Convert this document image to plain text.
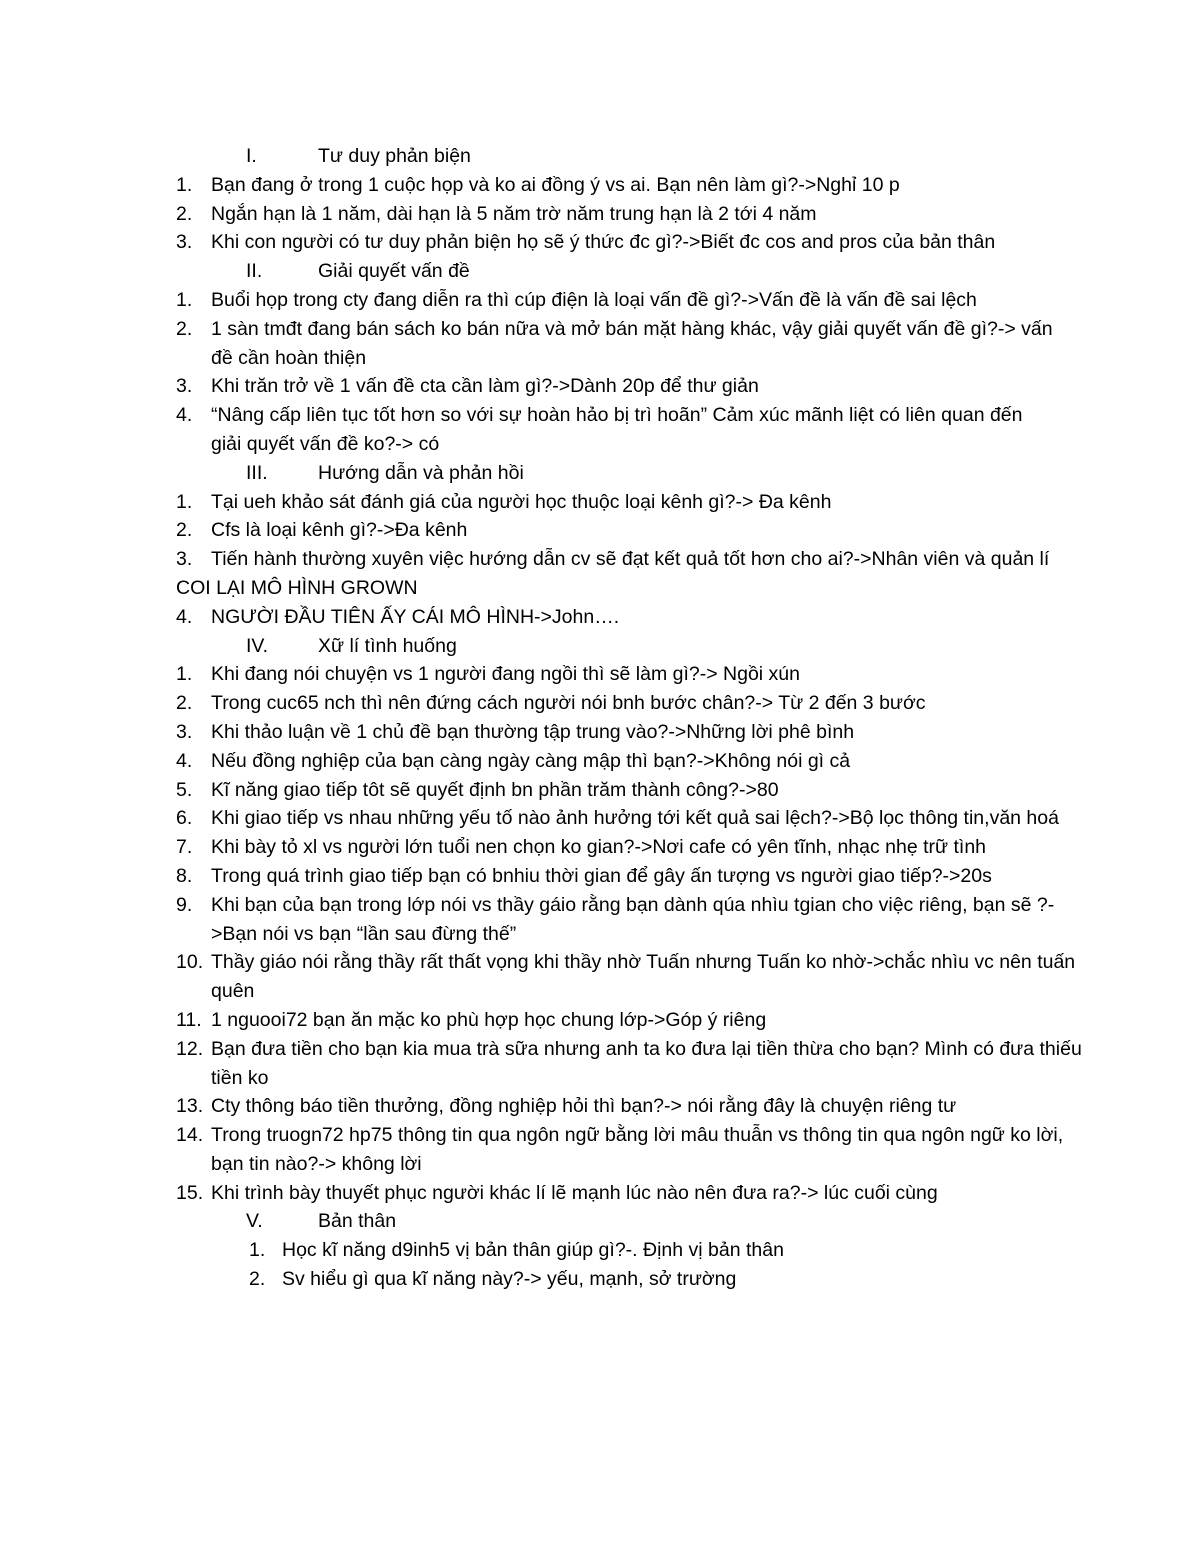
I.	Tư duy phản biện
1. Bạn đang ở trong 1 cuộc họp và ko ai đồng ý vs ai. Bạn nên làm gì?->Nghỉ 10 p
2. Ngắn hạn là 1 năm, dài hạn là 5 năm trờ năm trung hạn là 2 tới 4 năm
3. Khi con người có tư duy phản biện họ sẽ ý thức đc gì?->Biết đc cos and pros của bản thân
II.	Giải quyết vấn đề
1. Buổi họp trong cty đang diễn ra thì cúp điện là loại vấn đề gì?->Vấn đề là vấn đề sai lệch
2. 1 sàn tmđt đang bán sách ko bán nữa và mở bán mặt hàng khác, vậy giải quyết vấn đề gì?-> vấn đề cần hoàn thiện
3. Khi trăn trở về 1 vấn đề cta cần làm gì?->Dành 20p để thư giản
4. “Nâng cấp liên tục tốt hơn so với sự hoàn hảo bị trì hoãn” Cảm xúc mãnh liệt có liên quan đến giải quyết vấn đề ko?-> có
III.	Hướng dẫn và phản hồi
1. Tại ueh khảo sát đánh giá của người học thuộc loại kênh gì?-> Đa kênh
2. Cfs là loại kênh gì?->Đa kênh
3. Tiến hành thường xuyên việc hướng dẫn cv sẽ đạt kết quả tốt hơn cho ai?->Nhân viên và quản lí
COI LẠI MÔ HÌNH GROWN
4. NGƯỜI ĐẦU TIÊN ẤY CÁI MÔ HÌNH->John….
IV.	Xữ lí tình huống
1. Khi đang nói chuyện vs 1 người đang ngồi thì sẽ làm gì?-> Ngồi xún
2. Trong cuc65 nch thì nên đứng cách người nói bnh bước chân?-> Từ 2 đến 3 bước
3. Khi thảo luận về 1 chủ đề bạn thường tập trung vào?->Những lời phê bình
4. Nếu đồng nghiệp của bạn càng ngày càng mập thì bạn?->Không nói gì cả
5. Kĩ năng giao tiếp tôt sẽ quyết định bn phần trăm thành công?->80
6. Khi giao tiếp vs nhau những yếu tố nào ảnh hưởng tới kết quả sai lệch?->Bộ lọc thông tin,văn hoá
7. Khi bày tỏ xl vs người lớn tuổi nen chọn ko gian?->Nơi cafe có yên tĩnh, nhạc nhẹ trữ tình
8. Trong quá trình giao tiếp bạn có bnhiu thời gian để gây ấn tượng vs người giao tiếp?->20s
9. Khi bạn của bạn trong lớp nói vs thầy gáio rằng bạn dành qúa nhìu tgian cho việc riêng, bạn sẽ ?->Bạn nói vs bạn “lần sau đừng thế”
10. Thầy giáo nói rằng thầy rất thất vọng khi thầy nhờ Tuấn nhưng Tuấn ko nhờ->chắc nhìu vc nên tuấn quên
11. 1 nguooi72 bạn ăn mặc ko phù hợp học chung lớp->Góp ý riêng
12. Bạn đưa tiền cho bạn kia mua trà sữa nhưng anh ta ko đưa lại tiền thừa cho bạn? Mình có đưa thiếu tiền ko
13. Cty thông báo tiền thưởng, đồng nghiệp hỏi thì bạn?-> nói rằng đây là chuyện riêng tư
14. Trong truogn72 hp75 thông tin qua ngôn ngữ bằng lời mâu thuẫn vs thông tin qua ngôn ngữ ko lời, bạn tin nào?-> không lời
15. Khi trình bày thuyết phục người khác lí lẽ mạnh lúc nào nên đưa ra?-> lúc cuối cùng
V.	Bản thân
1. Học kĩ năng d9inh5 vị bản thân giúp gì?-. Định vị bản thân
2. Sv hiểu gì qua kĩ năng này?-> yếu, mạnh, sở trường
